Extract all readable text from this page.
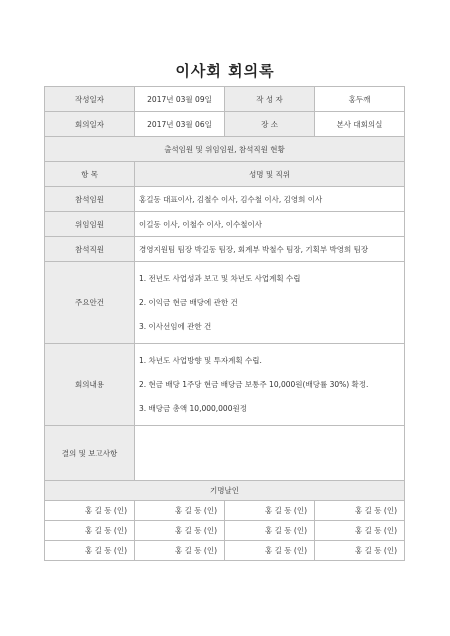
이사회 회의록
작성일자	2017년 03월 09일	작 성 자	홍두깨
회의일자	2017년 03월 06일	장 소	본사 대회의실
출석임원 및 위임임원, 참석직원 현황			
항 목	성명 및 직위		
참석임원	홍길동 대표이사, 김철수 이사, 김수철 이사, 김영희 이사		
위임임원	이길동 이사, 이철수 이사, 이수철이사		
참석직원	경영지원팀 팀장 박길동 팀장, 회계부 박철수 팀장, 기획부 박영희 팀장		
주요안건	1. 전년도 사업성과 보고 및 차년도 사업계획 수립

2. 이익금 현금 배당에 관한 건

3. 이사선임에 관한 건		

회의내용	1. 차년도 사업방향 및 투자계획 수립.

2. 현금 배당 1주당 현금 배당금 보통주 10,000원(배당률 30%) 확정.

3. 배당금 총액 10,000,000원정		

결의 및 보고사항			
기명날인			
홍 길 동 (인)	홍 길 동 (인)	홍 길 동 (인)	홍 길 동 (인)
홍 길 동 (인)	홍 길 동 (인)	홍 길 동 (인)	홍 길 동 (인)
홍 길 동 (인)	홍 길 동 (인)	홍 길 동 (인)	홍 길 동 (인)
